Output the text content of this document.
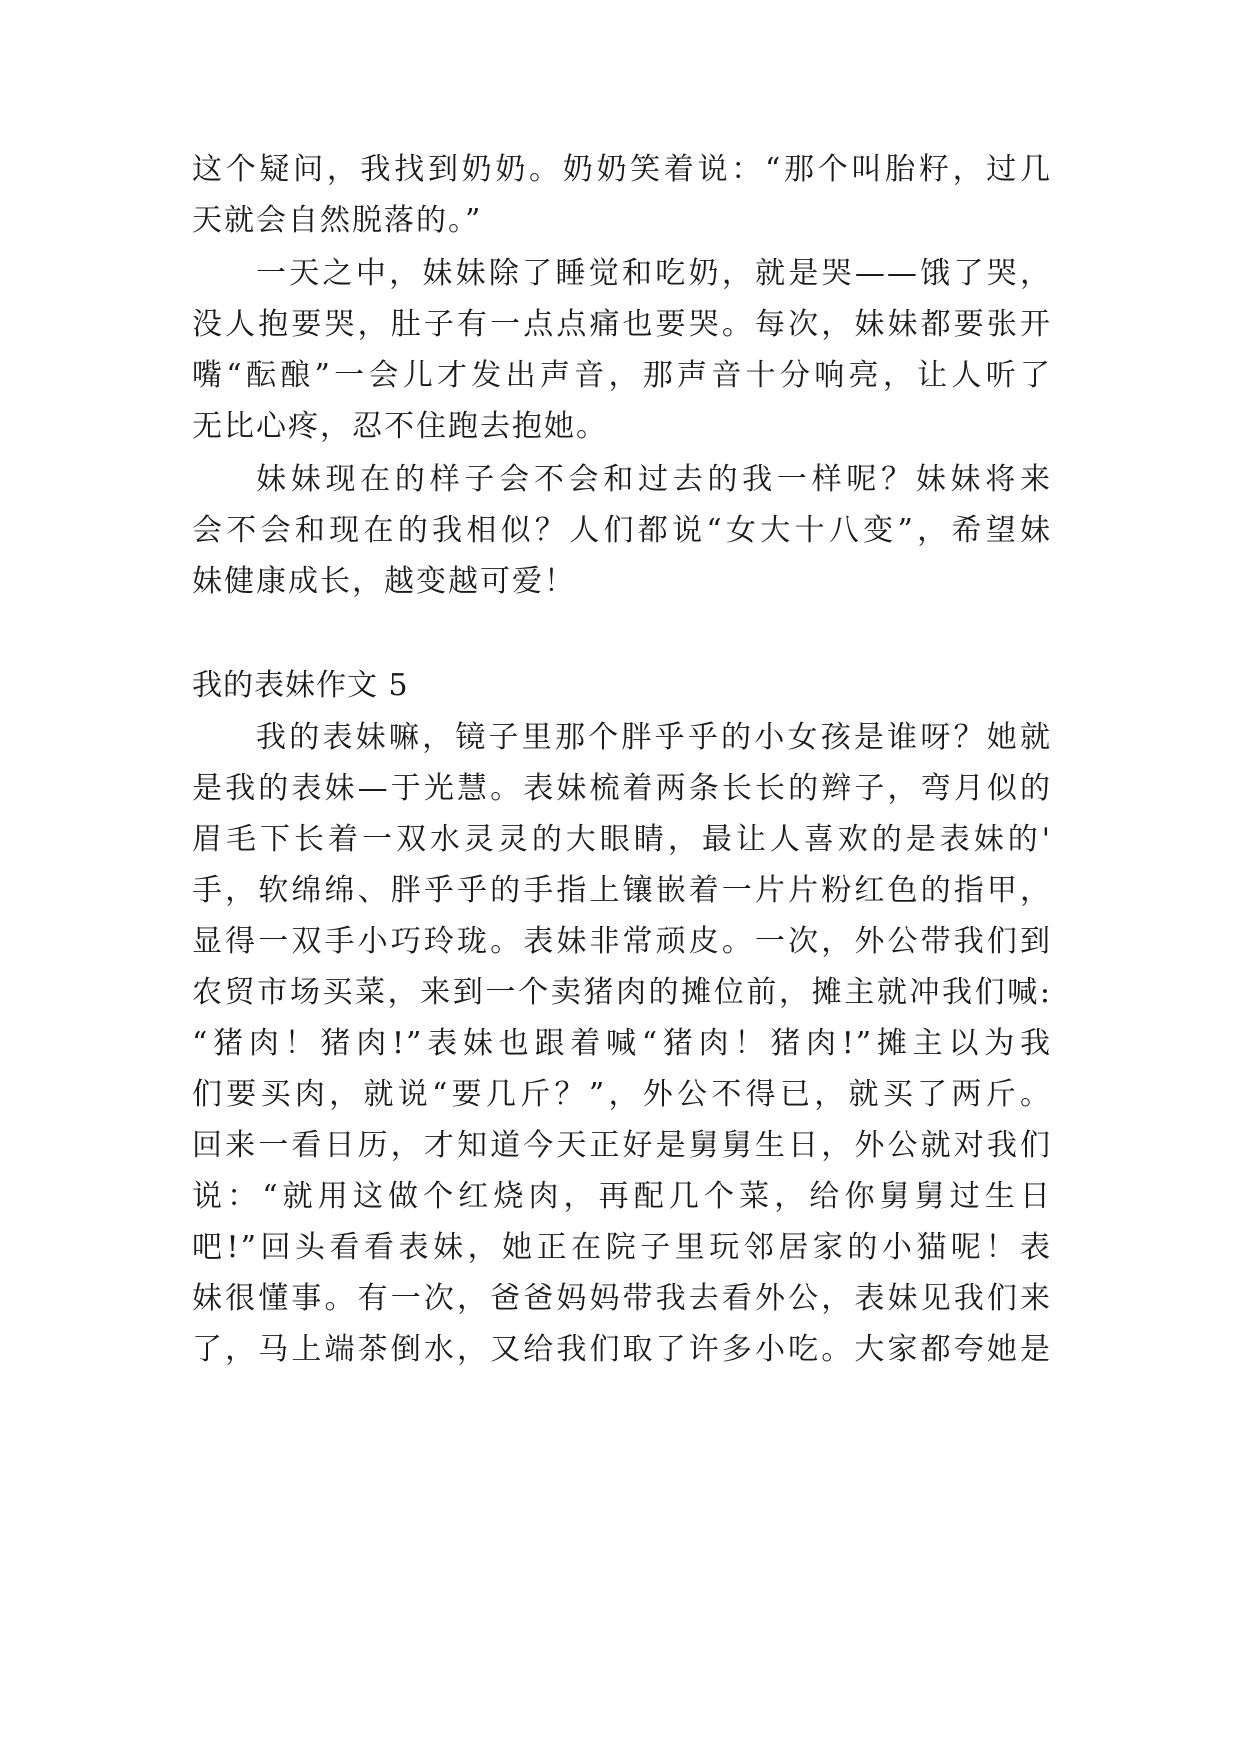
这个疑问，我找到奶奶。奶奶笑着说：“那个叫胎籽，过几
天就会自然脱落的。”
一天之中，妹妹除了睡觉和吃奶，就是哭——饿了哭，
没人抱要哭，肚子有一点点痛也要哭。每次，妹妹都要张开
嘴“酝酿”一会儿才发出声音，那声音十分响亮，让人听了
无比心疼，忍不住跑去抱她。
妹妹现在的样子会不会和过去的我一样呢？妹妹将来
会不会和现在的我相似？人们都说“女大十八变”，希望妹
妹健康成长，越变越可爱！
我的表妹作文 5
我的表妹嘛，镜子里那个胖乎乎的小女孩是谁呀？她就
是我的表妹—于光慧。表妹梳着两条长长的辫子，弯月似的
眉毛下长着一双水灵灵的大眼睛，最让人喜欢的是表妹的'
手，软绵绵、胖乎乎的手指上镶嵌着一片片粉红色的指甲，
显得一双手小巧玲珑。表妹非常顽皮。一次，外公带我们到
农贸市场买菜，来到一个卖猪肉的摊位前，摊主就冲我们喊:
“猪肉！猪肉!”表妹也跟着喊“猪肉！猪肉!”摊主以为我
们要买肉，就说“要几斤？”，外公不得已，就买了两斤。
回来一看日历，才知道今天正好是舅舅生日，外公就对我们
说：“就用这做个红烧肉，再配几个菜，给你舅舅过生日
吧!”回头看看表妹，她正在院子里玩邻居家的小猫呢！表
妹很懂事。有一次，爸爸妈妈带我去看外公，表妹见我们来
了，马上端茶倒水，又给我们取了许多小吃。大家都夸她是
